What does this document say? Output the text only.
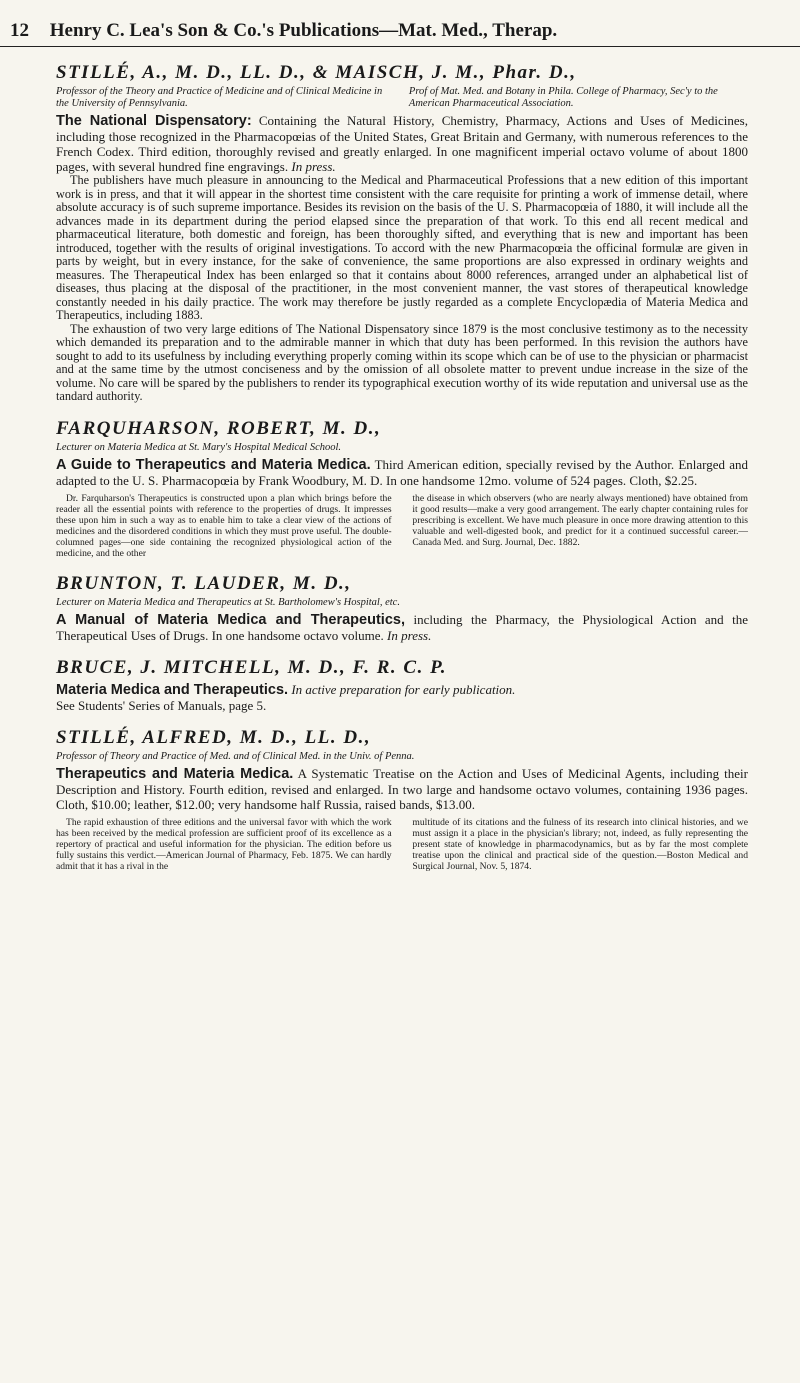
12 Henry C. Lea's Son & Co.'s Publications—Mat. Med., Therap.

STILLÉ, A., M. D., LL. D., & MAISCH, J. M., Phar. D.,

Professor of the Theory and Practice of Medicine and of Clinical Medicine in the University of Pennsylvania.
Prof of Mat. Med. and Botany in Phila. College of Pharmacy, Sec'y to the American Pharmaceutical Association.
The National Dispensatory: Containing the Natural History, Chemistry, Pharmacy, Actions and Uses of Medicines, including those recognized in the Pharmacopœias of the United States, Great Britain and Germany, with numerous references to the French Codex. Third edition, thoroughly revised and greatly enlarged. In one magnificent imperial octavo volume of about 1800 pages, with several hundred fine engravings. In press.

The publishers have much pleasure in announcing to the Medical and Pharmaceutical Professions that a new edition of this important work is in press, and that it will appear in the shortest time consistent with the care requisite for printing a work of immense detail, where absolute accuracy is of such supreme importance. Besides its revision on the basis of the U. S. Pharmacopœia of 1880, it will include all the advances made in its department during the period elapsed since the preparation of that work. To this end all recent medical and pharmaceutical literature, both domestic and foreign, has been thoroughly sifted, and everything that is new and important has been introduced, together with the results of original investigations. To accord with the new Pharmacopœia the officinal formulæ are given in parts by weight, but in every instance, for the sake of convenience, the same proportions are also expressed in ordinary weights and measures. The Therapeutical Index has been enlarged so that it contains about 8000 references, arranged under an alphabetical list of diseases, thus placing at the disposal of the practitioner, in the most convenient manner, the vast stores of therapeutical knowledge constantly needed in his daily practice. The work may therefore be justly regarded as a complete Encyclopædia of Materia Medica and Therapeutics, including 1883.

The exhaustion of two very large editions of The National Dispensatory since 1879 is the most conclusive testimony as to the necessity which demanded its preparation and to the admirable manner in which that duty has been performed. In this revision the authors have sought to add to its usefulness by including everything properly coming within its scope which can be of use to the physician or pharmacist and at the same time by the utmost conciseness and by the omission of all obsolete matter to prevent undue increase in the size of the volume. No care will be spared by the publishers to render its typographical execution worthy of its wide reputation and universal use as the tandard authority.

FARQUHARSON, ROBERT, M. D.,

Lecturer on Materia Medica at St. Mary's Hospital Medical School.
A Guide to Therapeutics and Materia Medica. Third American edition, specially revised by the Author. Enlarged and adapted to the U. S. Pharmacopœia by Frank Woodbury, M. D. In one handsome 12mo. volume of 524 pages. Cloth, $2.25.
Dr. Farquharson's Therapeutics is constructed upon a plan which brings before the reader all the essential points with reference to the properties of drugs. It impresses these upon him in such a way as to enable him to take a clear view of the actions of medicines and the disordered conditions in which they must prove useful. The double-columned pages—one side containing the recognized physiological action of the medicine, and the other
the disease in which observers (who are nearly always mentioned) have obtained from it good results—make a very good arrangement. The early chapter containing rules for prescribing is excellent. We have much pleasure in once more drawing attention to this valuable and well-digested book, and predict for it a continued successful career.—Canada Med. and Surg. Journal, Dec. 1882.

BRUNTON, T. LAUDER, M. D.,

Lecturer on Materia Medica and Therapeutics at St. Bartholomew's Hospital, etc.
A Manual of Materia Medica and Therapeutics, including the Pharmacy, the Physiological Action and the Therapeutical Uses of Drugs. In one handsome octavo volume. In press.

BRUCE, J. MITCHELL, M. D., F. R. C. P.

Materia Medica and Therapeutics. In active preparation for early publication.
See Students' Series of Manuals, page 5.

STILLÉ, ALFRED, M. D., LL. D.,

Professor of Theory and Practice of Med. and of Clinical Med. in the Univ. of Penna.
Therapeutics and Materia Medica. A Systematic Treatise on the Action and Uses of Medicinal Agents, including their Description and History. Fourth edition, revised and enlarged. In two large and handsome octavo volumes, containing 1936 pages. Cloth, $10.00; leather, $12.00; very handsome half Russia, raised bands, $13.00.
The rapid exhaustion of three editions and the universal favor with which the work has been received by the medical profession are sufficient proof of its excellence as a repertory of practical and useful information for the physician. The edition before us fully sustains this verdict.—American Journal of Pharmacy, Feb. 1875. We can hardly admit that it has a rival in the
multitude of its citations and the fulness of its research into clinical histories, and we must assign it a place in the physician's library; not, indeed, as fully representing the present state of knowledge in pharmacodynamics, but as by far the most complete treatise upon the clinical and practical side of the question.—Boston Medical and Surgical Journal, Nov. 5, 1874.
